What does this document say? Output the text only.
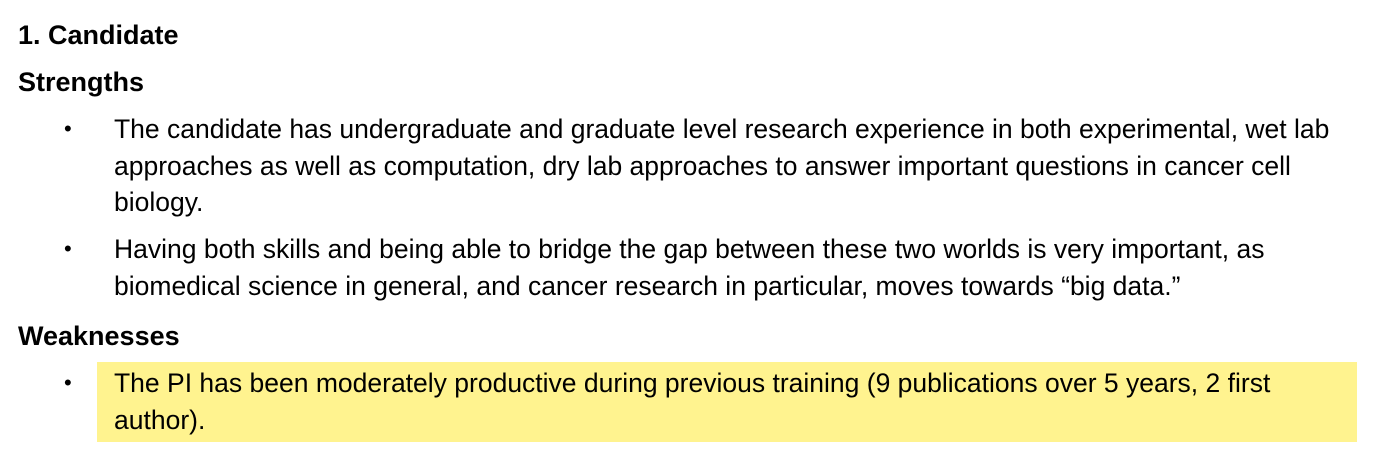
1. Candidate
Strengths
• The candidate has undergraduate and graduate level research experience in both experimental, wet lab approaches as well as computation, dry lab approaches to answer important questions in cancer cell biology.
• Having both skills and being able to bridge the gap between these two worlds is very important, as biomedical science in general, and cancer research in particular, moves towards “big data.”
Weaknesses
• The PI has been moderately productive during previous training (9 publications over 5 years, 2 first author).
